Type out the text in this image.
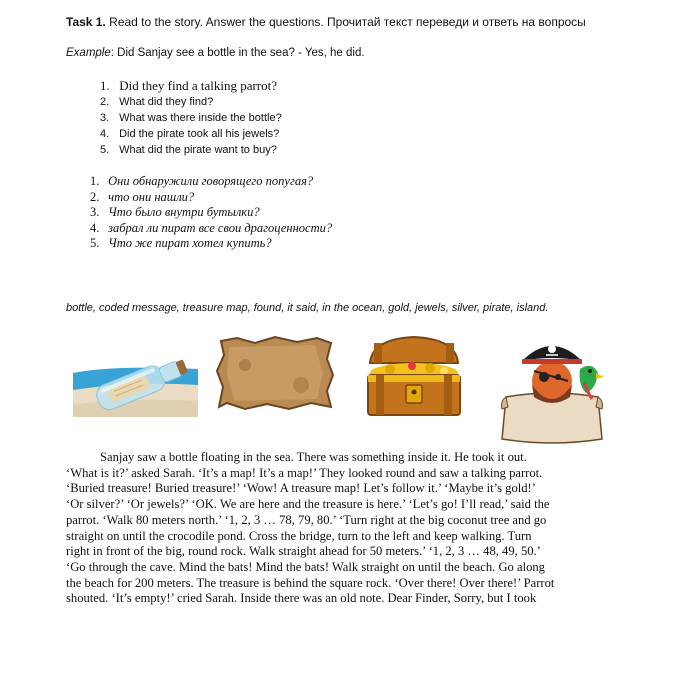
Task 1. Read to the story. Answer the questions. Прочитай текст переведи и ответь на вопросы
Example: Did Sanjay see a bottle in the sea? - Yes, he did.
1. Did they find a talking parrot?
2. What did they find?
3. What was there inside the bottle?
4. Did the pirate took all his jewels?
5. What did the pirate want to buy?
1. Они обнаружили говорящего попугая?
2. что они нашли?
3. Что было внутри бутылки?
4. забрал ли пират все свои драгоценности?
5. Что же пират хотел купить?
bottle, coded message, treasure map, found, it said, in the ocean, gold, jewels, silver, pirate, island.
Sanjay saw a bottle floating in the sea. There was something inside it. He took it out.
‘What is it?’ asked Sarah. ‘It’s a map! It’s a map!’ They looked round and saw a talking parrot.
‘Buried treasure! Buried treasure!’ ‘Wow! A treasure map! Let’s follow it.’ ‘Maybe it’s gold!’
‘Or silver?’ ‘Or jewels?’ ‘OK. We are here and the treasure is here.’ ‘Let’s go! I’ll read,’ said the
parrot. ‘Walk 80 meters north.’ ‘1, 2, 3 … 78, 79, 80.’ ‘Turn right at the big coconut tree and go
straight on until the crocodile pond. Cross the bridge, turn to the left and keep walking. Turn
right in front of the big, round rock. Walk straight ahead for 50 meters.’ ‘1, 2, 3 … 48, 49, 50.’
‘Go through the cave. Mind the bats! Mind the bats! Walk straight on until the beach. Go along
the beach for 200 meters. The treasure is behind the square rock. ‘Over there! Over there!’ Parrot
shouted. ‘It’s empty!’ cried Sarah. Inside there was an old note. Dear Finder, Sorry, but I took
